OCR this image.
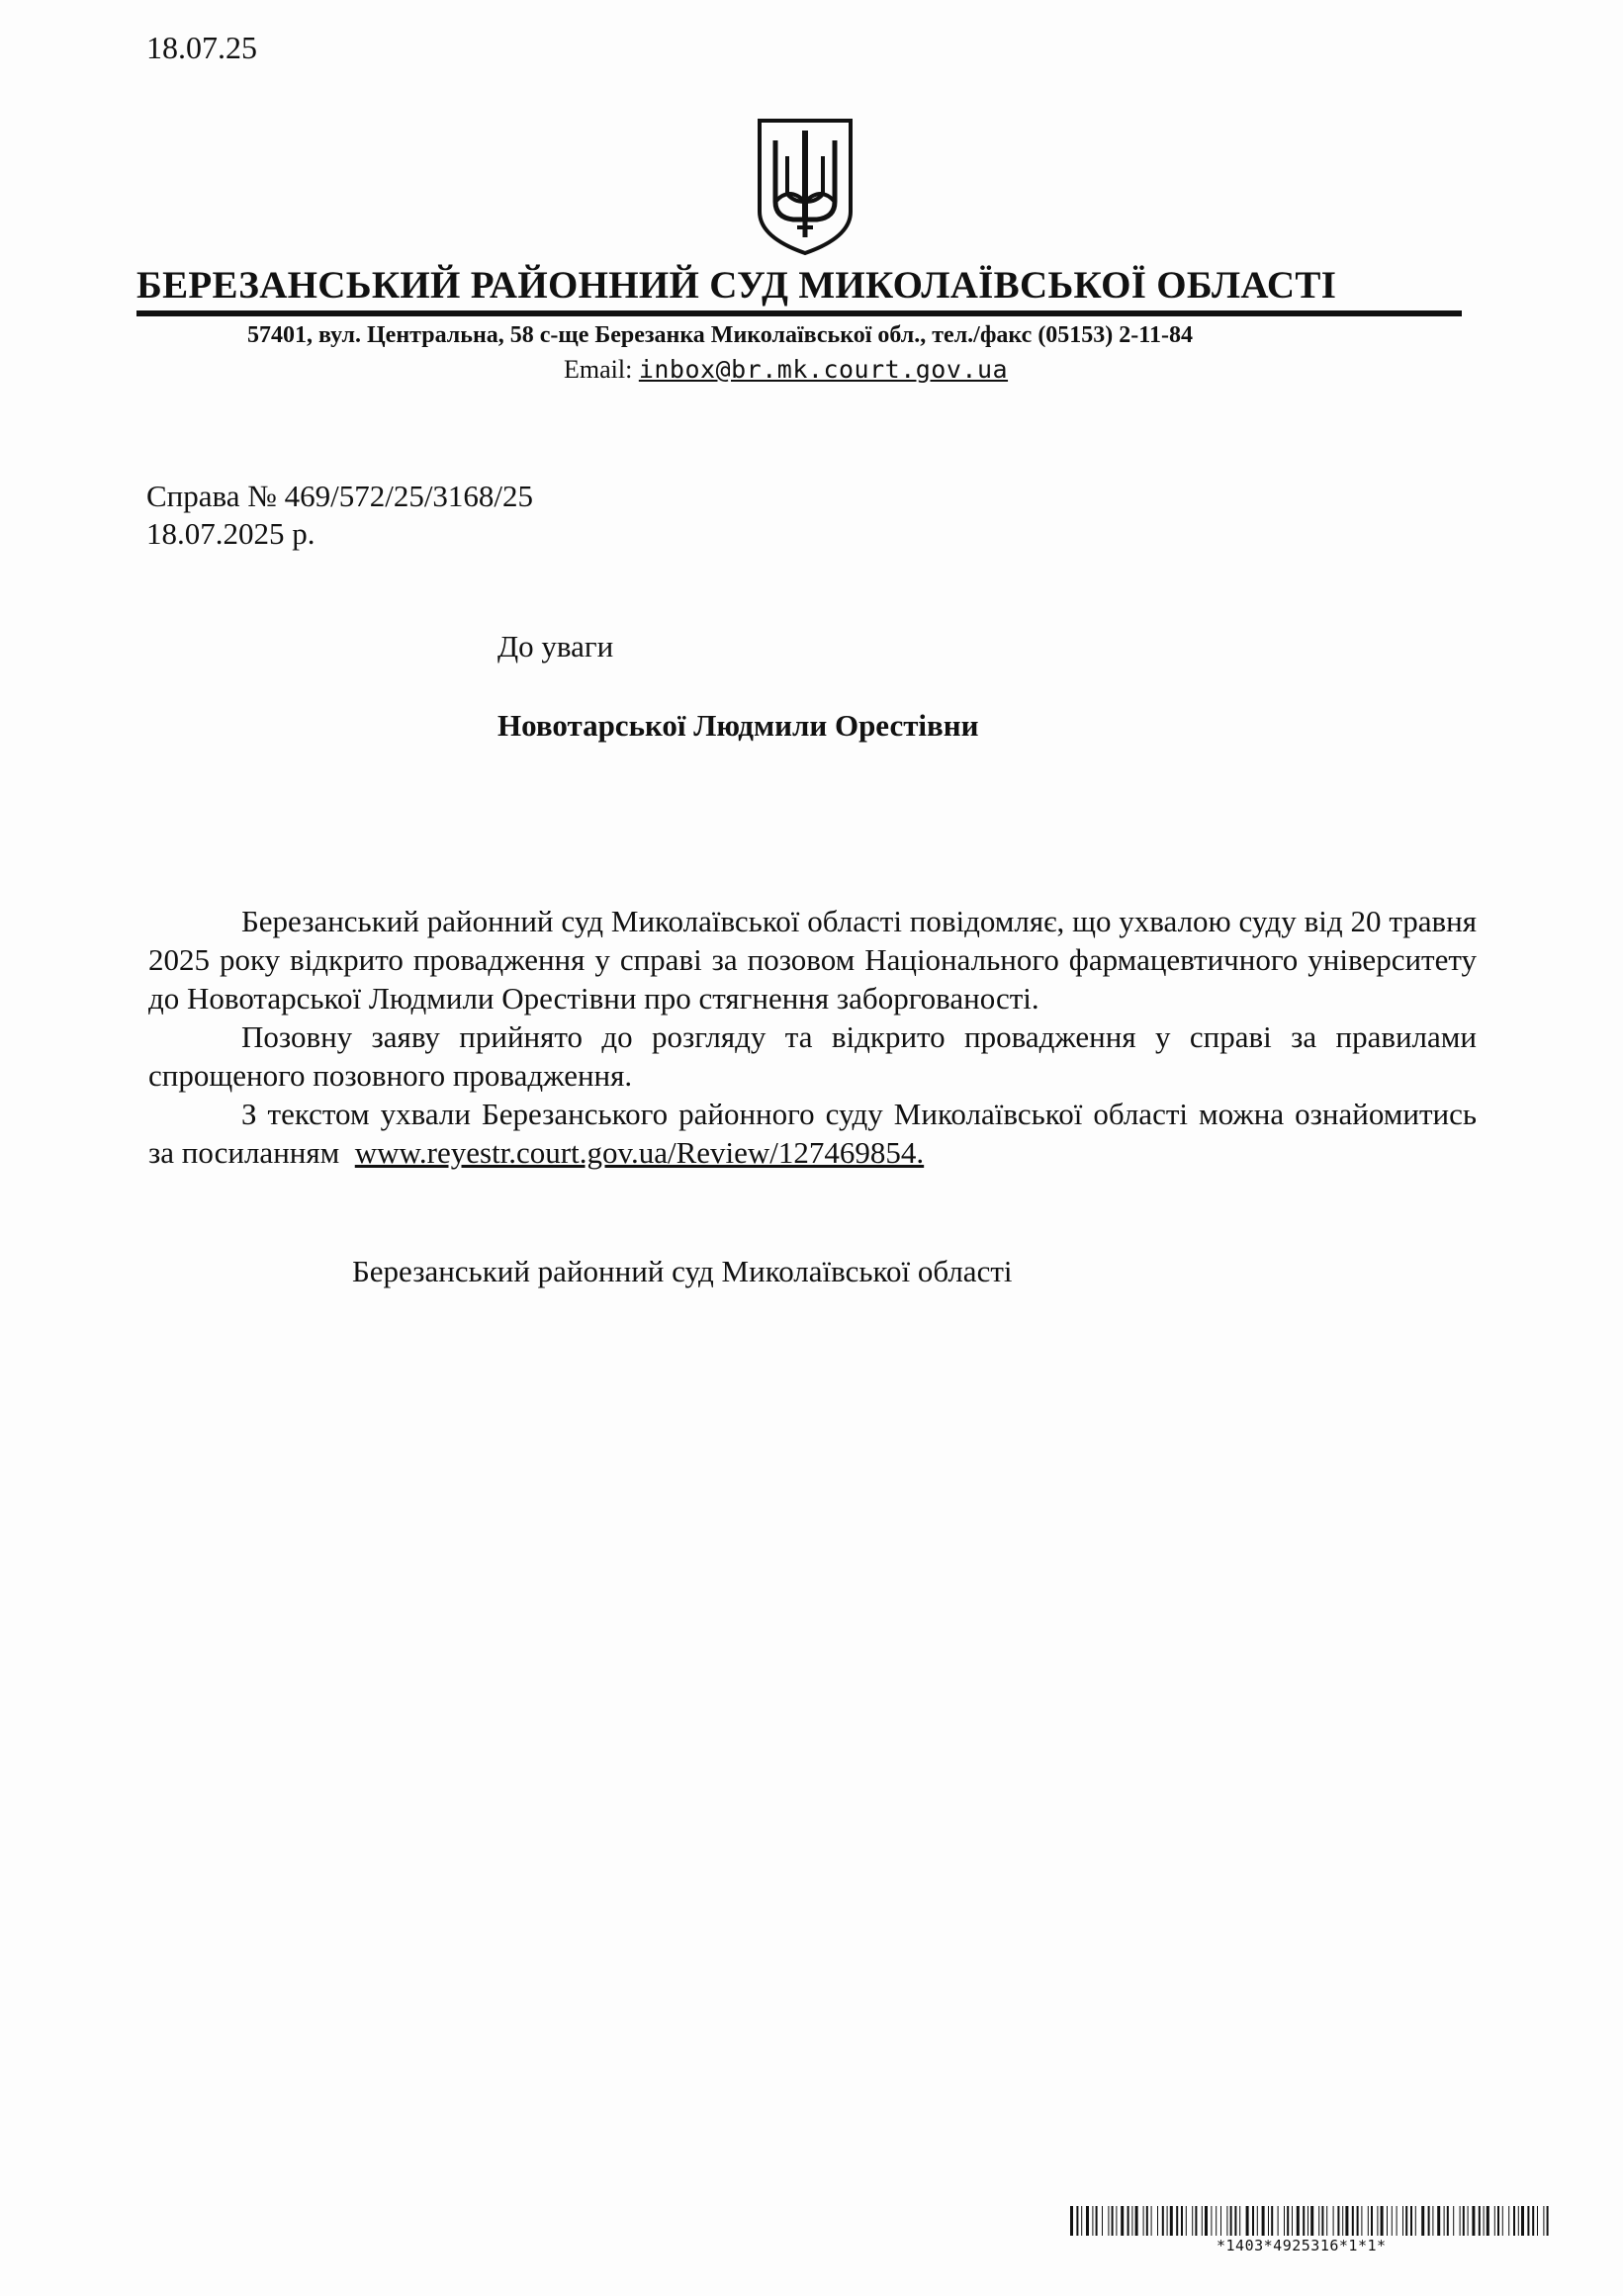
18.07.25
БЕРЕЗАНСЬКИЙ РАЙОННИЙ СУД МИКОЛАЇВСЬКОЇ ОБЛАСТІ
57401, вул. Центральна, 58 с-ще Березанка Миколаївської обл., тел./факс (05153) 2-11-84
Email: inbox@br.mk.court.gov.ua
Справа № 469/572/25/3168/25
18.07.2025 р.
До уваги
Новотарської Людмили Орестівни

Березанський районний суд Миколаївської області повідомляє, що ухвалою суду від 20 травня 2025 року відкрито провадження у справі за позовом Національного фармацевтичного університету до Новотарської Людмили Орестівни про стягнення заборгованості.

Позовну заяву прийнято до розгляду та відкрито провадження у справі за правилами спрощеного позовного провадження.

З текстом ухвали Березанського районного суду Миколаївської області можна ознайомитись за посиланням www.reyestr.court.gov.ua/Review/127469854.

Березанський районний суд Миколаївської області
*1403*4925316*1*1*
